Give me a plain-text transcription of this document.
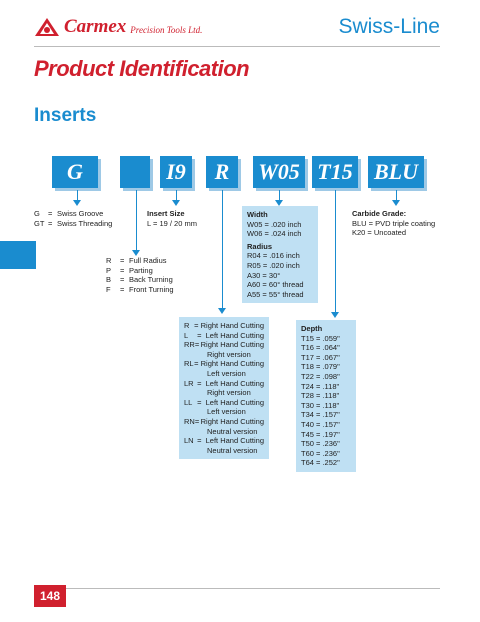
Carmex Precision Tools Ltd.	Swiss-Line
Product Identification
Inserts
G	I9	R	W05 T15 BLU
G	= Swiss Groove
GT = Swiss Threading
Insert Size
L = 19 / 20 mm
R	= Full Radius
P	= Parting
B	= Back Turning
F	= Front Turning
Width
W05 = .020 inch
W06 = .024 inch
Radius
R04 = .016 inch
R05 = .020 inch
A30 = 30°
A60 = 60° thread
A55 = 55° thread
Carbide Grade:
BLU = PVD triple coating
K20 = Uncoated
R = Right Hand Cutting
L	= Left Hand Cutting
RR = Right Hand Cutting
Right version
RL = Right Hand Cutting
Left version
LR = Left Hand Cutting
Right version
LL = Left Hand Cutting
Left version
RN = Right Hand Cutting
Neutral version
LN = Left Hand Cutting
Neutral version
Depth
T15 = .059"
T16 = .064"
T17 = .067"
T18 = .079"
T22 = .098"
T24 = .118"
T28 = .118"
T30 = .118"
T34 = .157"
T40 = .157"
T45 = .197"
T50 = .236"
T60 = .236"
T64 = .252"
148
